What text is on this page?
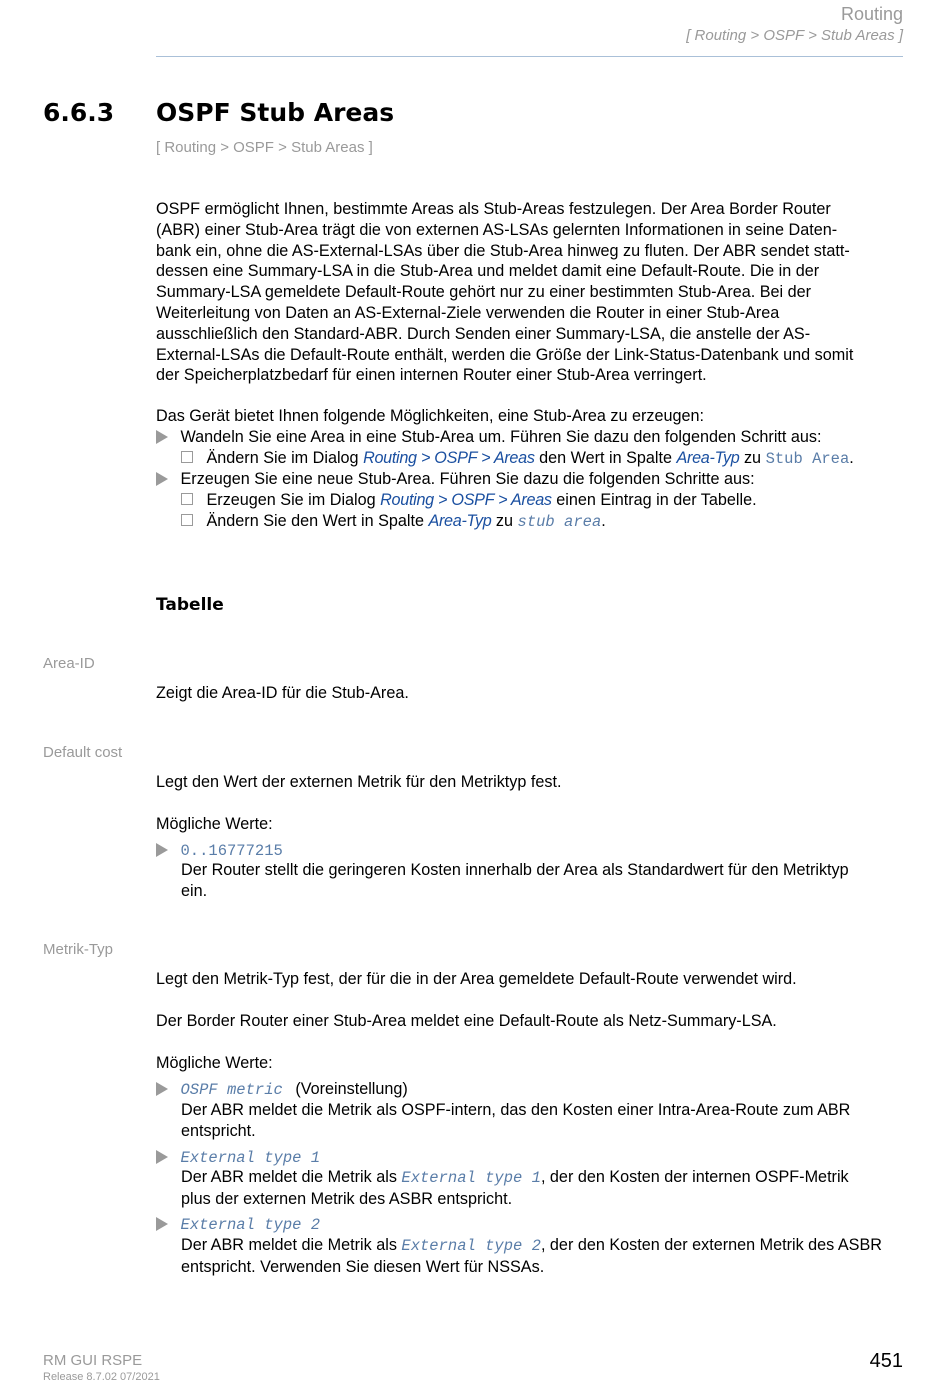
Routing
[ Routing > OSPF > Stub Areas ]
6.6.3 OSPF Stub Areas
[ Routing > OSPF > Stub Areas ]
OSPF ermöglicht Ihnen, bestimmte Areas als Stub-Areas festzulegen. Der Area Border Router
(ABR) einer Stub-Area trägt die von externen AS-LSAs gelernten Informationen in seine Daten-
bank ein, ohne die AS-External-LSAs über die Stub-Area hinweg zu fluten. Der ABR sendet statt-
dessen eine Summary-LSA in die Stub-Area und meldet damit eine Default-Route. Die in der
Summary-LSA gemeldete Default-Route gehört nur zu einer bestimmten Stub-Area. Bei der
Weiterleitung von Daten an AS-External-Ziele verwenden die Router in einer Stub-Area
ausschließlich den Standard-ABR. Durch Senden einer Summary-LSA, die anstelle der AS-
External-LSAs die Default-Route enthält, werden die Größe der Link-Status-Datenbank und somit
der Speicherplatzbedarf für einen internen Router einer Stub-Area verringert.
Das Gerät bietet Ihnen folgende Möglichkeiten, eine Stub-Area zu erzeugen:
Wandeln Sie eine Area in eine Stub-Area um. Führen Sie dazu den folgenden Schritt aus:
Ändern Sie im Dialog Routing > OSPF > Areas den Wert in Spalte Area-Typ zu Stub Area.
Erzeugen Sie eine neue Stub-Area. Führen Sie dazu die folgenden Schritte aus:
Erzeugen Sie im Dialog Routing > OSPF > Areas einen Eintrag in der Tabelle.
Ändern Sie den Wert in Spalte Area-Typ zu stub area.
Tabelle
Area-ID
Zeigt die Area-ID für die Stub-Area.
Default cost
Legt den Wert der externen Metrik für den Metriktyp fest.
Mögliche Werte:
0..16777215
Der Router stellt die geringeren Kosten innerhalb der Area als Standardwert für den Metriktyp
ein.
Metrik-Typ
Legt den Metrik-Typ fest, der für die in der Area gemeldete Default-Route verwendet wird.
Der Border Router einer Stub-Area meldet eine Default-Route als Netz-Summary-LSA.
Mögliche Werte:
OSPF metric (Voreinstellung)
Der ABR meldet die Metrik als OSPF-intern, das den Kosten einer Intra-Area-Route zum ABR
entspricht.
External type 1
Der ABR meldet die Metrik als External type 1, der den Kosten der internen OSPF-Metrik
plus der externen Metrik des ASBR entspricht.
External type 2
Der ABR meldet die Metrik als External type 2, der den Kosten der externen Metrik des ASBR
entspricht. Verwenden Sie diesen Wert für NSSAs.
RM GUI RSPE
Release 8.7.02 07/2021
451
